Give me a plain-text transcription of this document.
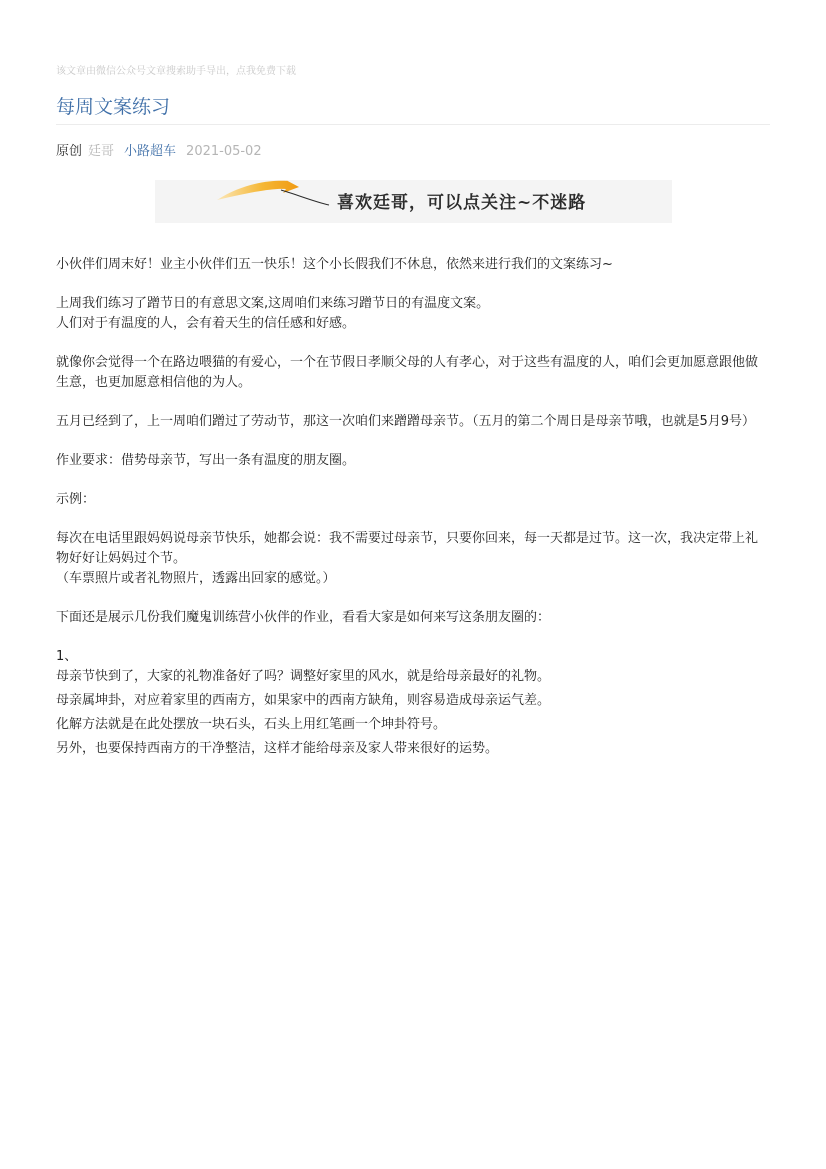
该文章由微信公众号文章搜索助手导出，点我免费下载
每周文案练习
原创 廷哥 小路超车 2021-05-02
喜欢廷哥，可以点关注~不迷路

小伙伴们周末好！业主小伙伴们五一快乐！这个小长假我们不休息，依然来进行我们的文案练习~

上周我们练习了蹭节日的有意思文案,这周咱们来练习蹭节日的有温度文案。

人们对于有温度的人，会有着天生的信任感和好感。

就像你会觉得一个在路边喂猫的有爱心，一个在节假日孝顺父母的人有孝心，对于这些有温度的人，咱们会更加愿意跟他做生意，也更加愿意相信他的为人。

五月已经到了，上一周咱们蹭过了劳动节，那这一次咱们来蹭蹭母亲节。（五月的第二个周日是母亲节哦，也就是5月9号）

作业要求：借势母亲节，写出一条有温度的朋友圈。

示例：

每次在电话里跟妈妈说母亲节快乐，她都会说：我不需要过母亲节，只要你回来，每一天都是过节。这一次，我决定带上礼物好好让妈妈过个节。

（车票照片或者礼物照片，透露出回家的感觉。）

下面还是展示几份我们魔鬼训练营小伙伴的作业，看看大家是如何来写这条朋友圈的：

1、

母亲节快到了，大家的礼物准备好了吗？调整好家里的风水，就是给母亲最好的礼物。

母亲属坤卦，对应着家里的西南方，如果家中的西南方缺角，则容易造成母亲运气差。

化解方法就是在此处摆放一块石头，石头上用红笔画一个坤卦符号。

另外，也要保持西南方的干净整洁，这样才能给母亲及家人带来很好的运势。
